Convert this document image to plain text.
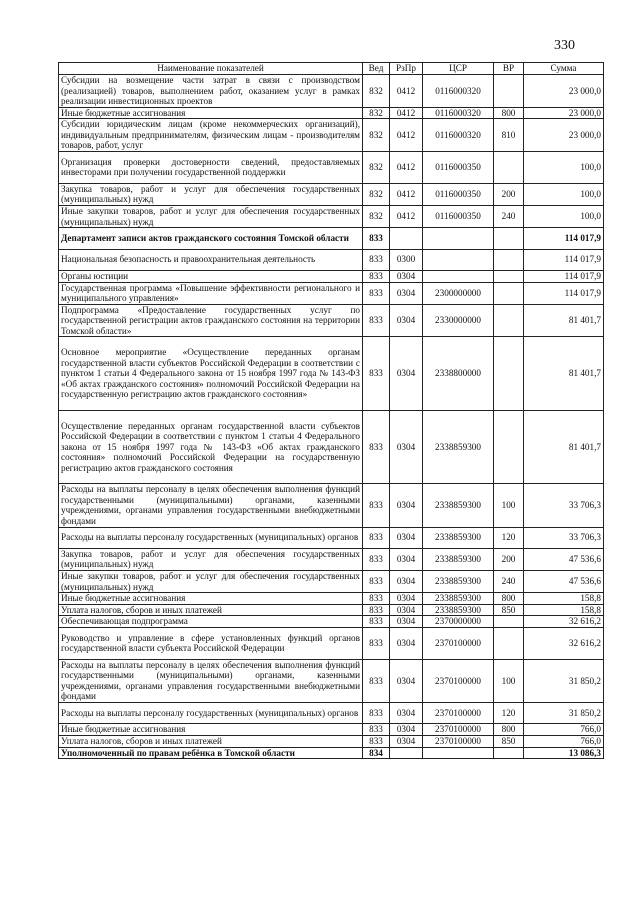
330
Наименование показателей	Вед	РзПр	ЦСР	ВР	Сумма
Субсидии на возмещение части затрат в связи с производством (реализацией) товаров, выполнением работ, оказанием услуг в рамках реализации инвестиционных проектов	832	0412	0116000320		23 000,0
Иные бюджетные ассигнования	832	0412	0116000320	800	23 000,0
Субсидии юридическим лицам (кроме некоммерческих организаций), индивидуальным предпринимателям, физическим лицам - производителям товаров, работ, услуг	832	0412	0116000320	810	23 000,0
Организация проверки достоверности сведений, предоставляемых инвесторами при получении государственной поддержки	832	0412	0116000350		100,0
Закупка товаров, работ и услуг для обеспечения государственных (муниципальных) нужд	832	0412	0116000350	200	100,0
Иные закупки товаров, работ и услуг для обеспечения государственных (муниципальных) нужд	832	0412	0116000350	240	100,0
Департамент записи актов гражданского состояния Томской области	833				114 017,9
Национальная безопасность и правоохранительная деятельность	833	0300			114 017,9
Органы юстиции	833	0304			114 017,9
Государственная программа «Повышение эффективности регионального и муниципального управления»	833	0304	2300000000		114 017,9
Подпрограмма «Предоставление государственных услуг по государственной регистрации актов гражданского состояния на территории Томской области»	833	0304	2330000000		81 401,7
Основное мероприятие «Осуществление переданных органам государственной власти субъектов Российской Федерации в соответствии с пунктом 1 статьи 4 Федерального закона от 15 ноября 1997 года № 143-ФЗ «Об актах гражданского состояния» полномочий Российской Федерации на государственную регистрацию актов гражданского состояния»	833	0304	2338800000		81 401,7
Осуществление переданных органам государственной власти субъектов Российской Федерации в соответствии с пунктом 1 статьи 4 Федерального закона от 15 ноября 1997 года № 143-ФЗ «Об актах гражданского состояния» полномочий Российской Федерации на государственную регистрацию актов гражданского состояния	833	0304	2338859300		81 401,7
Расходы на выплаты персоналу в целях обеспечения выполнения функций государственными (муниципальными) органами, казенными учреждениями, органами управления государственными внебюджетными фондами	833	0304	2338859300	100	33 706,3
Расходы на выплаты персоналу государственных (муниципальных) органов	833	0304	2338859300	120	33 706,3
Закупка товаров, работ и услуг для обеспечения государственных (муниципальных) нужд	833	0304	2338859300	200	47 536,6
Иные закупки товаров, работ и услуг для обеспечения государственных (муниципальных) нужд	833	0304	2338859300	240	47 536,6
Иные бюджетные ассигнования	833	0304	2338859300	800	158,8
Уплата налогов, сборов и иных платежей	833	0304	2338859300	850	158,8
Обеспечивающая подпрограмма	833	0304	2370000000		32 616,2
Руководство и управление в сфере установленных функций органов государственной власти субъекта Российской Федерации	833	0304	2370100000		32 616,2
Расходы на выплаты персоналу в целях обеспечения выполнения функций государственными (муниципальными) органами, казенными учреждениями, органами управления государственными внебюджетными фондами	833	0304	2370100000	100	31 850,2
Расходы на выплаты персоналу государственных (муниципальных) органов	833	0304	2370100000	120	31 850,2
Иные бюджетные ассигнования	833	0304	2370100000	800	766,0
Уплата налогов, сборов и иных платежей	833	0304	2370100000	850	766,0
Уполномоченный по правам ребёнка в Томской области	834				13 086,3
